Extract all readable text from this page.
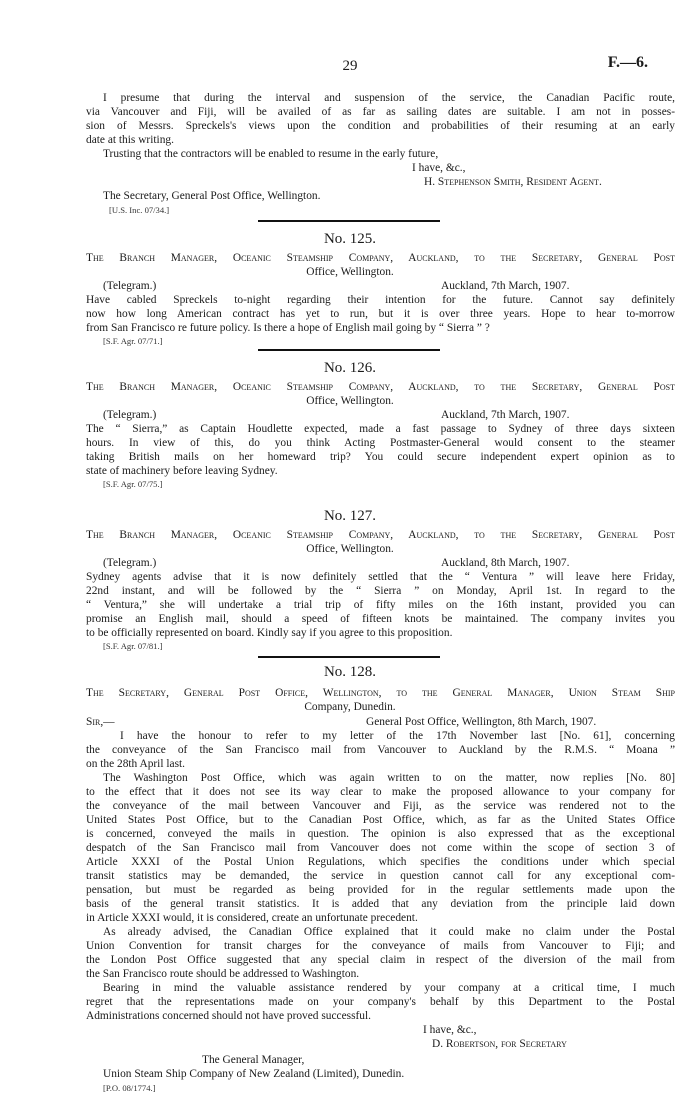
29	F.—6.
I presume that during the interval and suspension of the service, the Canadian Pacific route,
via Vancouver and Fiji, will be availed of as far as sailing dates are suitable. I am not in posses-
sion of Messrs. Spreckels's views upon the condition and probabilities of their resuming at an early
date at this writing.
Trusting that the contractors will be enabled to resume in the early future,
I have, &c.,
H. Stephenson Smith, Resident Agent.
The Secretary, General Post Office, Wellington.
[U.S. Inc. 07/34.]
No. 125.
The Branch Manager, Oceanic Steamship Company, Auckland, to the Secretary, General Post
Office, Wellington.
(Telegram.)	Auckland, 7th March, 1907.
Have cabled Spreckels to-night regarding their intention for the future. Cannot say definitely
now how long American contract has yet to run, but it is over three years. Hope to hear to-morrow
from San Francisco re future policy. Is there a hope of English mail going by “ Sierra ” ?
[S.F. Agr. 07/71.]
No. 126.
The Branch Manager, Oceanic Steamship Company, Auckland, to the Secretary, General Post
Office, Wellington.
(Telegram.)	Auckland, 7th March, 1907.
The “ Sierra,” as Captain Houdlette expected, made a fast passage to Sydney of three days sixteen
hours. In view of this, do you think Acting Postmaster-General would consent to the steamer
taking British mails on her homeward trip? You could secure independent expert opinion as to
state of machinery before leaving Sydney.
[S.F. Agr. 07/75.]
No. 127.
The Branch Manager, Oceanic Steamship Company, Auckland, to the Secretary, General Post
Office, Wellington.
(Telegram.)	Auckland, 8th March, 1907.
Sydney agents advise that it is now definitely settled that the “ Ventura ” will leave here Friday,
22nd instant, and will be followed by the “ Sierra ” on Monday, April 1st. In regard to the
“ Ventura,” she will undertake a trial trip of fifty miles on the 16th instant, provided you can
promise an English mail, should a speed of fifteen knots be maintained. The company invites you
to be officially represented on board. Kindly say if you agree to this proposition.
[S.F. Agr. 07/81.]
No. 128.
The Secretary, General Post Office, Wellington, to the General Manager, Union Steam Ship
Company, Dunedin.
Sir,—	General Post Office, Wellington, 8th March, 1907.
I have the honour to refer to my letter of the 17th November last [No. 61], concerning
the conveyance of the San Francisco mail from Vancouver to Auckland by the R.M.S. “ Moana ”
on the 28th April last.
The Washington Post Office, which was again written to on the matter, now replies [No. 80]
to the effect that it does not see its way clear to make the proposed allowance to your company for
the conveyance of the mail between Vancouver and Fiji, as the service was rendered not to the
United States Post Office, but to the Canadian Post Office, which, as far as the United States Office
is concerned, conveyed the mails in question. The opinion is also expressed that as the exceptional
despatch of the San Francisco mail from Vancouver does not come within the scope of section 3 of
Article XXXI of the Postal Union Regulations, which specifies the conditions under which special
transit statistics may be demanded, the service in question cannot call for any exceptional com-
pensation, but must be regarded as being provided for in the regular settlements made upon the
basis of the general transit statistics. It is added that any deviation from the principle laid down
in Article XXXI would, it is considered, create an unfortunate precedent.
As already advised, the Canadian Office explained that it could make no claim under the Postal
Union Convention for transit charges for the conveyance of mails from Vancouver to Fiji; and
the London Post Office suggested that any special claim in respect of the diversion of the mail from
the San Francisco route should be addressed to Washington.
Bearing in mind the valuable assistance rendered by your company at a critical time, I much
regret that the representations made on your company's behalf by this Department to the Postal
Administrations concerned should not have proved successful.
I have, &c.,
D. Robertson, for Secretary
The General Manager,
Union Steam Ship Company of New Zealand (Limited), Dunedin.
[P.O. 08/1774.]
